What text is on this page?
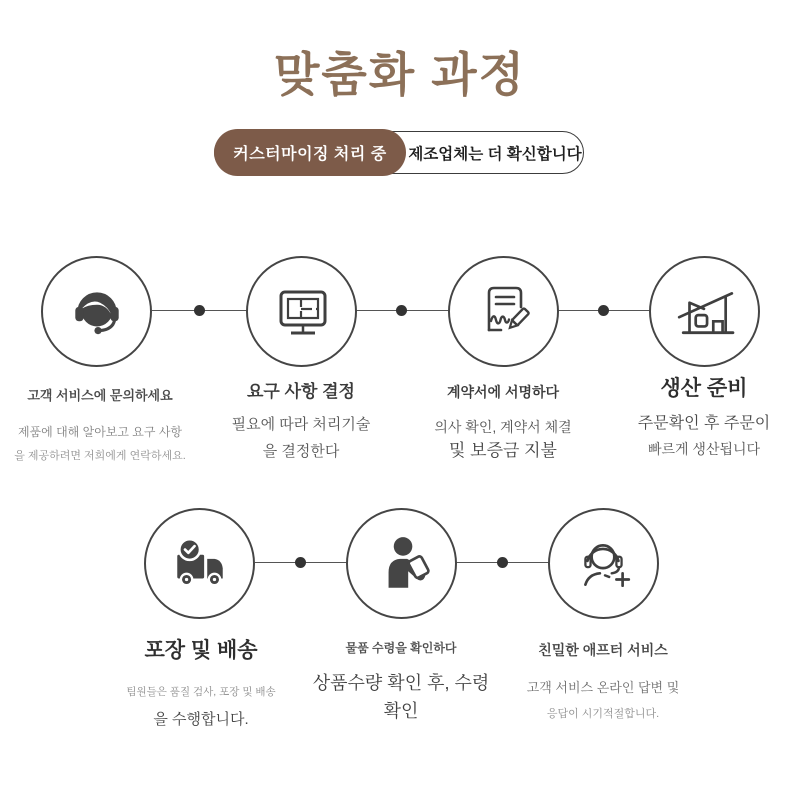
맞춤화 과정
제조업체는 더 확신합니다
커스터마이징 처리 중

고객 서비스에 문의하세요

제품에 대해 알아보고 요구 사항

을 제공하려면 저희에게 연락하세요.

요구 사항 결정

필요에 따라 처리기술

을 결정한다

계약서에 서명하다

의사 확인, 계약서 체결

및 보증금 지불

생산 준비

주문확인 후 주문이

빠르게 생산됩니다

포장 및 배송

팀원들은 품질 검사, 포장 및 배송

을 수행합니다.

물품 수령을 확인하다

상품수량 확인 후, 수령

확인

친밀한 애프터 서비스

고객 서비스 온라인 답변 및

응답이 시기적절합니다.
